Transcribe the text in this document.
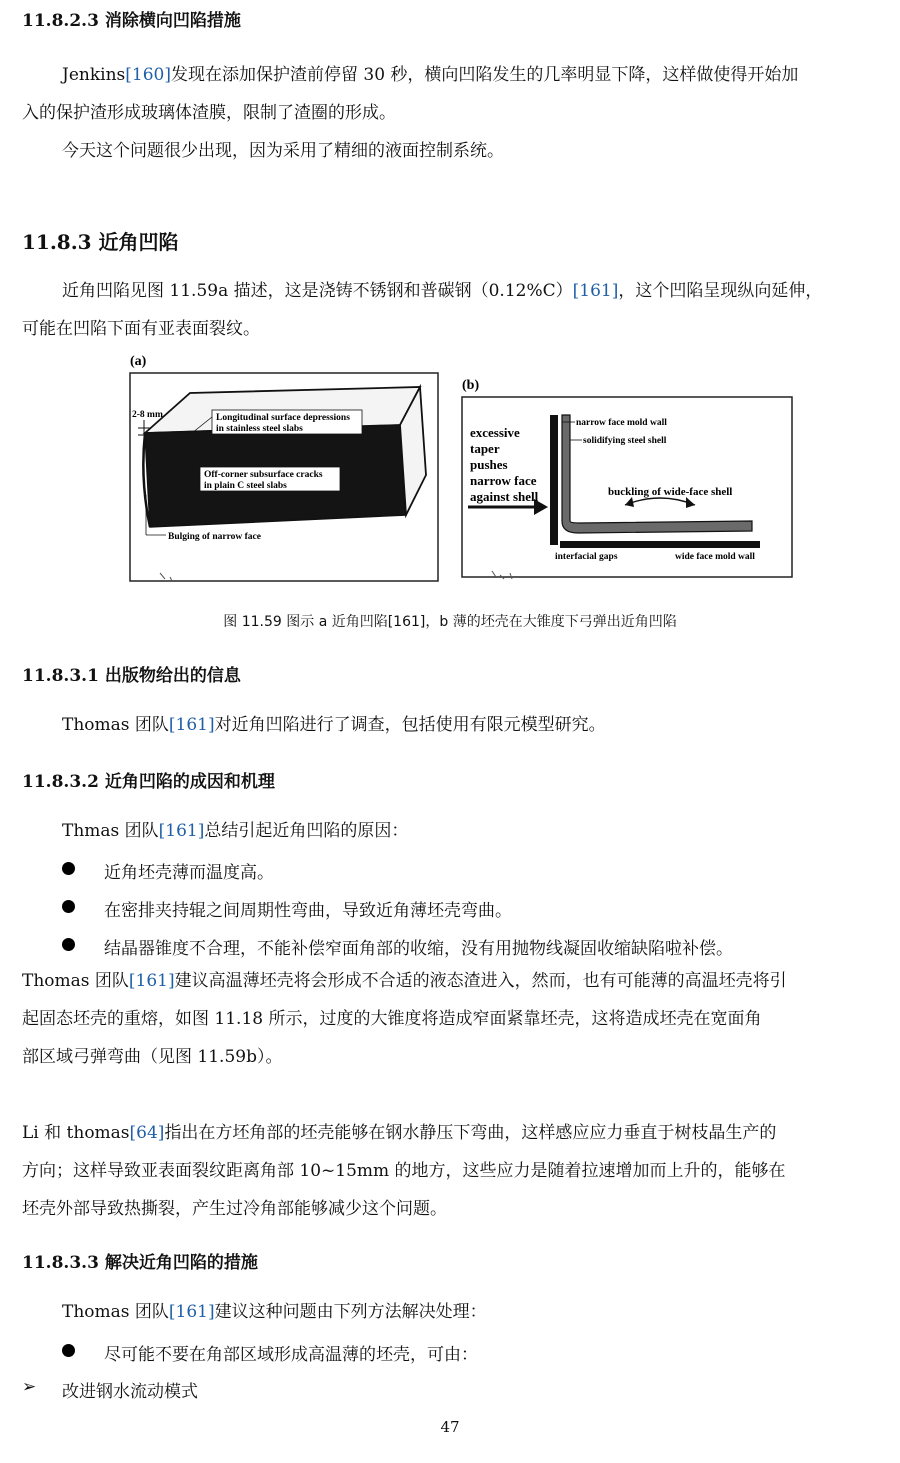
11.8.2.3 消除横向凹陷措施
Jenkins[160]发现在添加保护渣前停留 30 秒，横向凹陷发生的几率明显下降，这样做使得开始加
入的保护渣形成玻璃体渣膜，限制了渣圈的形成。
今天这个问题很少出现，因为采用了精细的液面控制系统。
11.8.3 近角凹陷
近角凹陷见图 11.59a 描述，这是浇铸不锈钢和普碳钢（0.12%C）[161]，这个凹陷呈现纵向延伸，
可能在凹陷下面有亚表面裂纹。
(a)
2-8 mm	Longitudinal surface depressions
in stainless steel slabs
Off-corner subsurface cracks
in plain C steel slabs
Bulging of narrow face
(b)
narrow face mold wall
solidifying steel shell
excessive
taper
pushes
narrow face
against shell	buckling of wide-face shell
interfacial gaps	wide face mold wall
图 11.59 图示 a 近角凹陷[161]，b 薄的坯壳在大锥度下弓弹出近角凹陷
11.8.3.1 出版物给出的信息
Thomas 团队[161]对近角凹陷进行了调查，包括使用有限元模型研究。
11.8.3.2 近角凹陷的成因和机理
Thmas 团队[161]总结引起近角凹陷的原因：
近角坯壳薄而温度高。
在密排夹持辊之间周期性弯曲，导致近角薄坯壳弯曲。
结晶器锥度不合理，不能补偿窄面角部的收缩，没有用抛物线凝固收缩缺陷啦补偿。
Thomas 团队[161]建议高温薄坯壳将会形成不合适的液态渣进入，然而，也有可能薄的高温坯壳将引
起固态坯壳的重熔，如图 11.18 所示，过度的大锥度将造成窄面紧靠坯壳，这将造成坯壳在宽面角
部区域弓弹弯曲（见图 11.59b）。
Li 和 thomas[64]指出在方坯角部的坯壳能够在钢水静压下弯曲，这样感应应力垂直于树枝晶生产的
方向；这样导致亚表面裂纹距离角部 10~15mm 的地方，这些应力是随着拉速增加而上升的，能够在
坯壳外部导致热撕裂，产生过冷角部能够减少这个问题。
11.8.3.3 解决近角凹陷的措施
Thomas 团队[161]建议这种问题由下列方法解决处理：
尽可能不要在角部区域形成高温薄的坯壳，可由：
➢ 改进钢水流动模式
47
